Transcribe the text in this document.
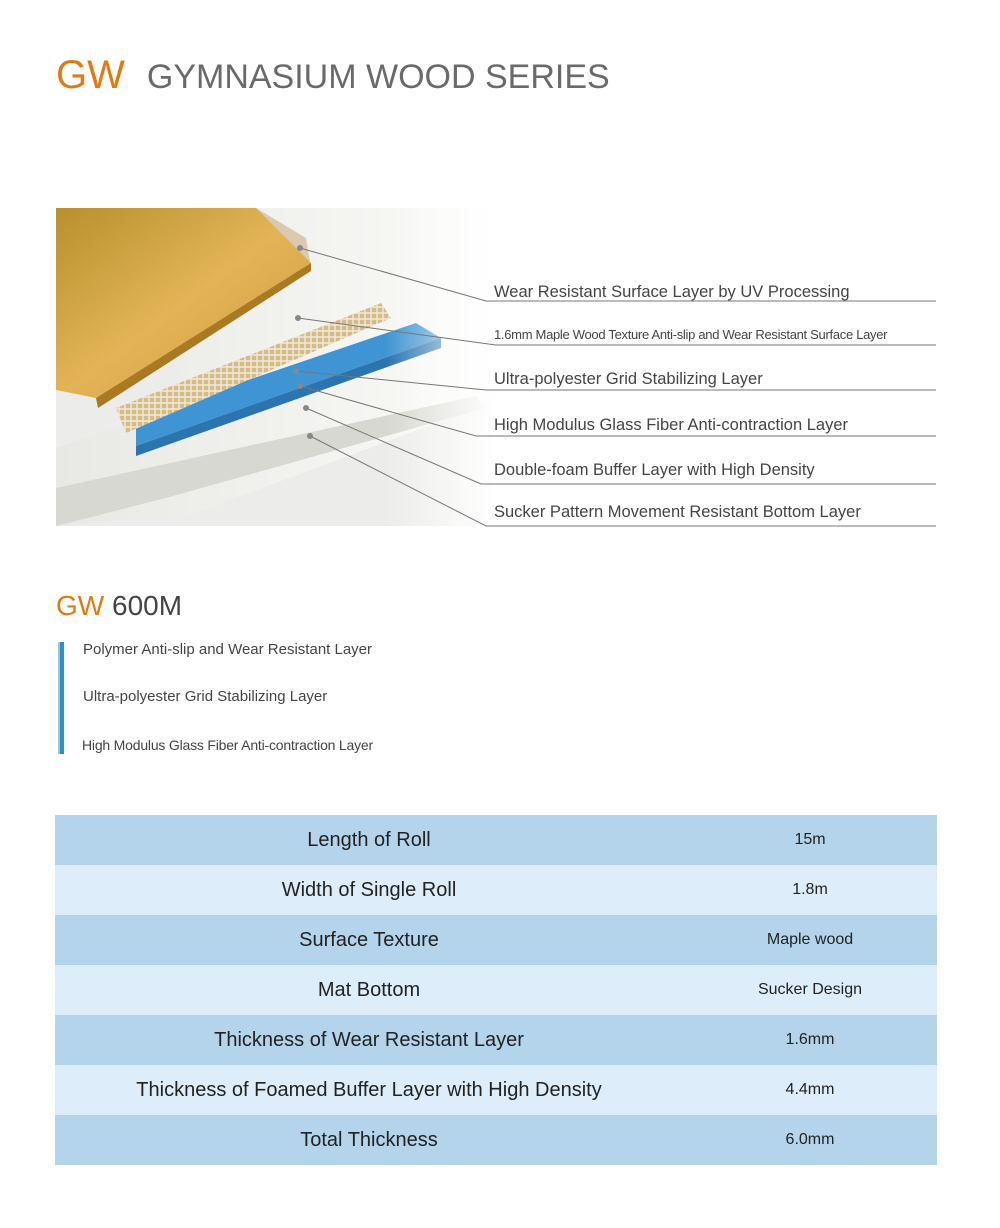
GW GYMNASIUM WOOD SERIES
Wear Resistant Surface Layer by UV Processing
1.6mm Maple Wood Texture Anti-slip and Wear Resistant Surface Layer
Ultra-polyester Grid Stabilizing Layer
High Modulus Glass Fiber Anti-contraction Layer
Double-foam Buffer Layer with High Density
Sucker Pattern Movement Resistant Bottom Layer
GW 600M
Polymer Anti-slip and Wear Resistant Layer
Ultra-polyester Grid Stabilizing Layer
High Modulus Glass Fiber Anti-contraction Layer
Length of Roll	15m
Width of Single Roll	1.8m
Surface Texture	Maple wood
Mat Bottom	Sucker Design
Thickness of Wear Resistant Layer	1.6mm
Thickness of Foamed Buffer Layer with High Density	4.4mm
Total Thickness	6.0mm
